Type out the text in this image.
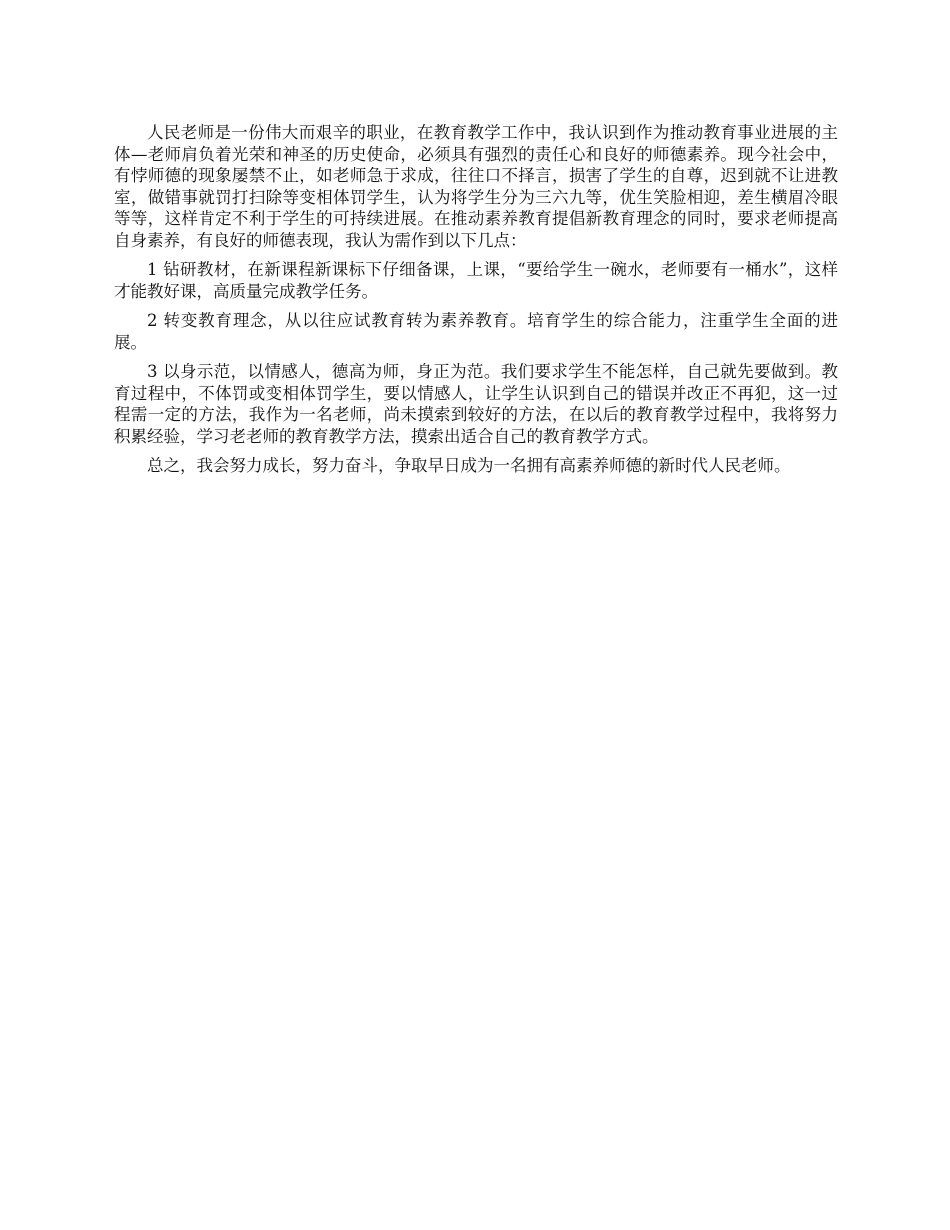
人民老师是一份伟大而艰辛的职业，在教育教学工作中，我认识到作为推动教育事业进展的主体—老师肩负着光荣和神圣的历史使命，必须具有强烈的责任心和良好的师德素养。现今社会中，有悖师德的现象屡禁不止，如老师急于求成，往往口不择言，损害了学生的自尊，迟到就不让进教室，做错事就罚打扫除等变相体罚学生，认为将学生分为三六九等，优生笑脸相迎，差生横眉冷眼等等，这样肯定不利于学生的可持续进展。在推动素养教育提倡新教育理念的同时，要求老师提高自身素养，有良好的师德表现，我认为需作到以下几点：

1 钻研教材，在新课程新课标下仔细备课，上课，“要给学生一碗水，老师要有一桶水”，这样才能教好课，高质量完成教学任务。

2 转变教育理念，从以往应试教育转为素养教育。培育学生的综合能力，注重学生全面的进展。

3 以身示范，以情感人，德高为师，身正为范。我们要求学生不能怎样，自己就先要做到。教育过程中，不体罚或变相体罚学生，要以情感人，让学生认识到自己的错误并改正不再犯，这一过程需一定的方法，我作为一名老师，尚未摸索到较好的方法，在以后的教育教学过程中，我将努力积累经验，学习老老师的教育教学方法，摸索出适合自己的教育教学方式。

总之，我会努力成长，努力奋斗，争取早日成为一名拥有高素养师德的新时代人民老师。
